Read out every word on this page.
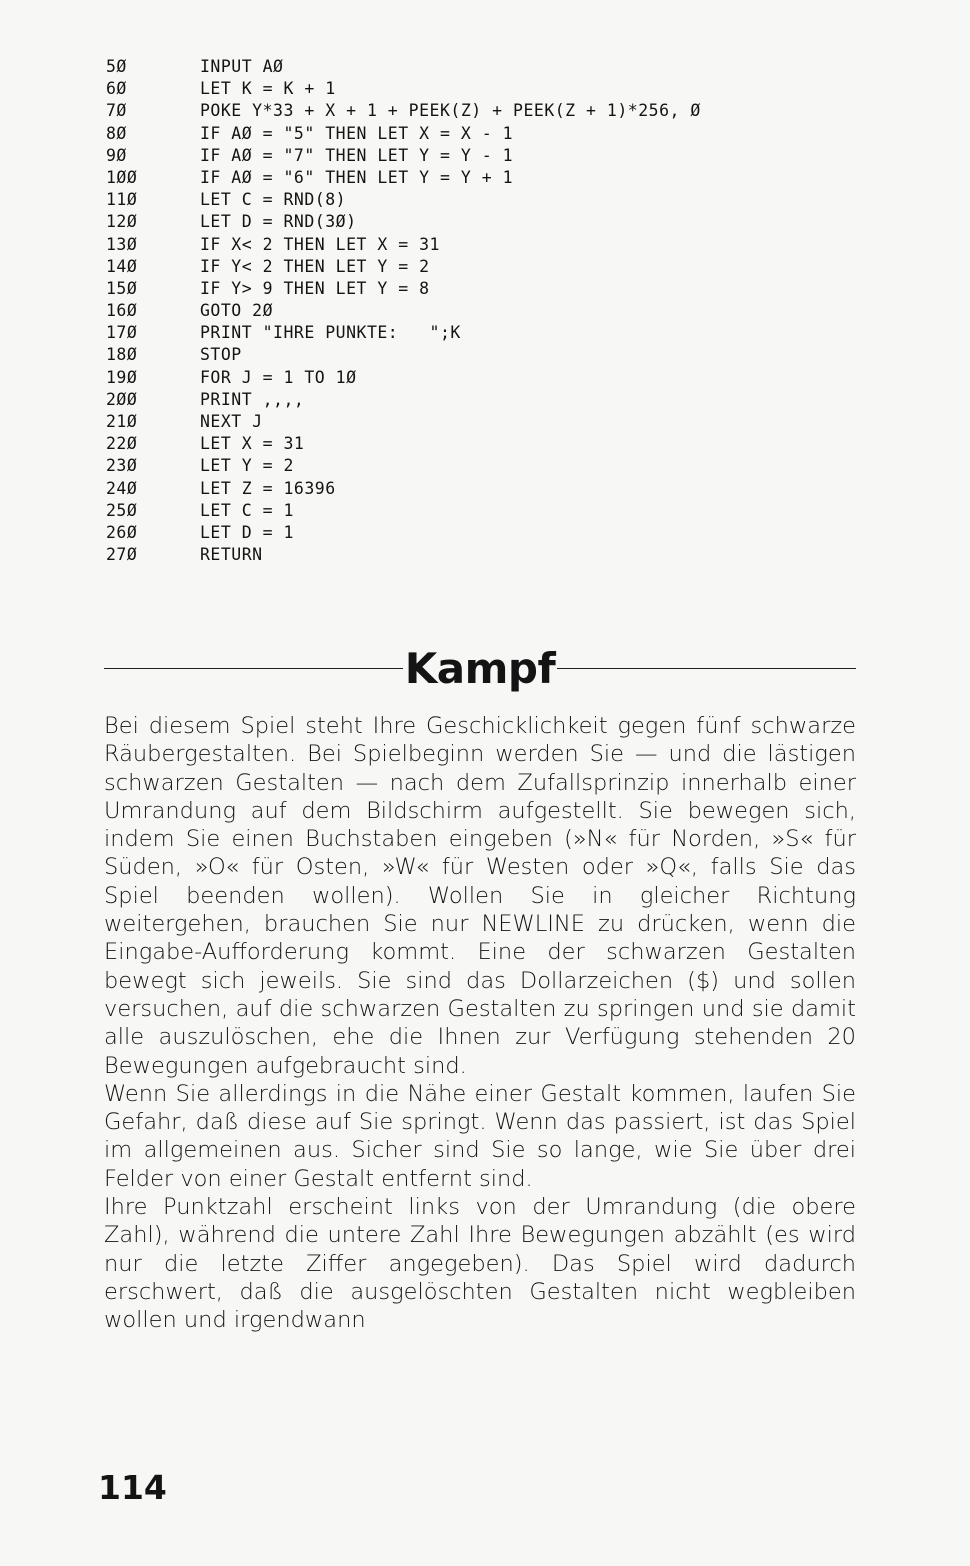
5Ø	INPUT AØ
6Ø	LET K = K + 1
7Ø	POKE Y*33 + X + 1 + PEEK(Z) + PEEK(Z + 1)*256, Ø
8Ø	IF AØ = "5" THEN LET X = X - 1
9Ø	IF AØ = "7" THEN LET Y = Y - 1
1ØØ	IF AØ = "6" THEN LET Y = Y + 1
11Ø	LET C = RND(8)
12Ø	LET D = RND(3Ø)
13Ø	IF X< 2 THEN LET X = 31
14Ø	IF Y< 2 THEN LET Y = 2
15Ø	IF Y> 9 THEN LET Y = 8
16Ø	GOTO 2Ø
17Ø	PRINT "IHRE PUNKTE:   ";K
18Ø	STOP
19Ø	FOR J = 1 TO 1Ø
2ØØ	PRINT ,,,,
21Ø	NEXT J
22Ø	LET X = 31
23Ø	LET Y = 2
24Ø	LET Z = 16396
25Ø	LET C = 1
26Ø	LET D = 1
27Ø	RETURN
Kampf

Bei diesem Spiel steht Ihre Geschicklichkeit gegen fünf schwarze Räubergestalten. Bei Spielbeginn werden Sie — und die lästigen schwarzen Gestalten — nach dem Zufallsprinzip innerhalb einer Umrandung auf dem Bildschirm aufgestellt. Sie bewegen sich, indem Sie einen Buchstaben eingeben (»N« für Norden, »S« für Süden, »O« für Osten, »W« für Westen oder »Q«, falls Sie das Spiel beenden wollen). Wollen Sie in gleicher Richtung weitergehen, brauchen Sie nur NEWLINE zu drücken, wenn die Eingabe-Aufforderung kommt. Eine der schwarzen Gestalten bewegt sich jeweils. Sie sind das Dollarzeichen ($) und sollen versuchen, auf die schwarzen Gestalten zu springen und sie damit alle auszulöschen, ehe die Ihnen zur Verfügung stehenden 20 Bewegungen aufgebraucht sind.

Wenn Sie allerdings in die Nähe einer Gestalt kommen, laufen Sie Gefahr, daß diese auf Sie springt. Wenn das passiert, ist das Spiel im allgemeinen aus. Sicher sind Sie so lange, wie Sie über drei Felder von einer Gestalt entfernt sind.

Ihre Punktzahl erscheint links von der Umrandung (die obere Zahl), während die untere Zahl Ihre Bewegungen abzählt (es wird nur die letzte Ziffer angegeben). Das Spiel wird dadurch erschwert, daß die ausgelöschten Gestalten nicht wegbleiben wollen und irgendwann

114
